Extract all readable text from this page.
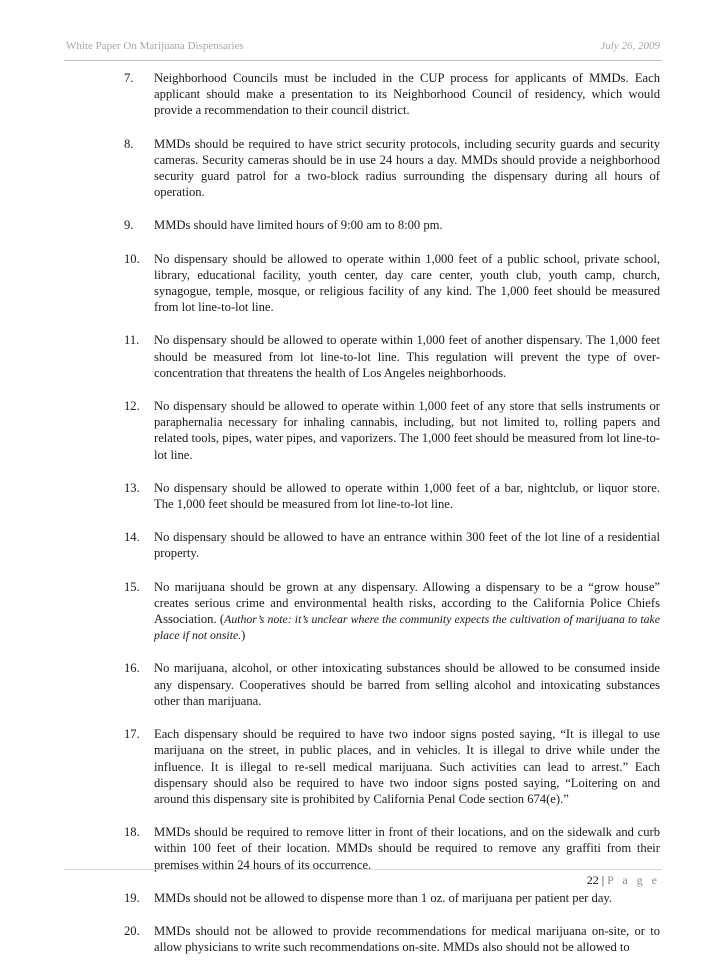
White Paper On Marijuana Dispensaries	July 26, 2009
7.	Neighborhood Councils must be included in the CUP process for applicants of MMDs. Each applicant should make a presentation to its Neighborhood Council of residency, which would provide a recommendation to their council district.
8.	MMDs should be required to have strict security protocols, including security guards and security cameras. Security cameras should be in use 24 hours a day. MMDs should provide a neighborhood security guard patrol for a two-block radius surrounding the dispensary during all hours of operation.
9.	MMDs should have limited hours of 9:00 am to 8:00 pm.
10.	No dispensary should be allowed to operate within 1,000 feet of a public school, private school, library, educational facility, youth center, day care center, youth club, youth camp, church, synagogue, temple, mosque, or religious facility of any kind. The 1,000 feet should be measured from lot line-to-lot line.
11.	No dispensary should be allowed to operate within 1,000 feet of another dispensary. The 1,000 feet should be measured from lot line-to-lot line. This regulation will prevent the type of over-concentration that threatens the health of Los Angeles neighborhoods.
12.	No dispensary should be allowed to operate within 1,000 feet of any store that sells instruments or paraphernalia necessary for inhaling cannabis, including, but not limited to, rolling papers and related tools, pipes, water pipes, and vaporizers. The 1,000 feet should be measured from lot line-to-lot line.
13.	No dispensary should be allowed to operate within 1,000 feet of a bar, nightclub, or liquor store. The 1,000 feet should be measured from lot line-to-lot line.
14.	No dispensary should be allowed to have an entrance within 300 feet of the lot line of a residential property.
15.	No marijuana should be grown at any dispensary. Allowing a dispensary to be a “grow house” creates serious crime and environmental health risks, according to the California Police Chiefs Association. (Author’s note: it’s unclear where the community expects the cultivation of marijuana to take place if not onsite.)
16.	No marijuana, alcohol, or other intoxicating substances should be allowed to be consumed inside any dispensary. Cooperatives should be barred from selling alcohol and intoxicating substances other than marijuana.
17.	Each dispensary should be required to have two indoor signs posted saying, “It is illegal to use marijuana on the street, in public places, and in vehicles. It is illegal to drive while under the influence. It is illegal to re-sell medical marijuana. Such activities can lead to arrest.” Each dispensary should also be required to have two indoor signs posted saying, “Loitering on and around this dispensary site is prohibited by California Penal Code section 674(e).”
18.	MMDs should be required to remove litter in front of their locations, and on the sidewalk and curb within 100 feet of their location. MMDs should be required to remove any graffiti from their premises within 24 hours of its occurrence.
19.	MMDs should not be allowed to dispense more than 1 oz. of marijuana per patient per day.
20.	MMDs should not be allowed to provide recommendations for medical marijuana on-site, or to allow physicians to write such recommendations on-site. MMDs also should not be allowed to
22 | P a g e
